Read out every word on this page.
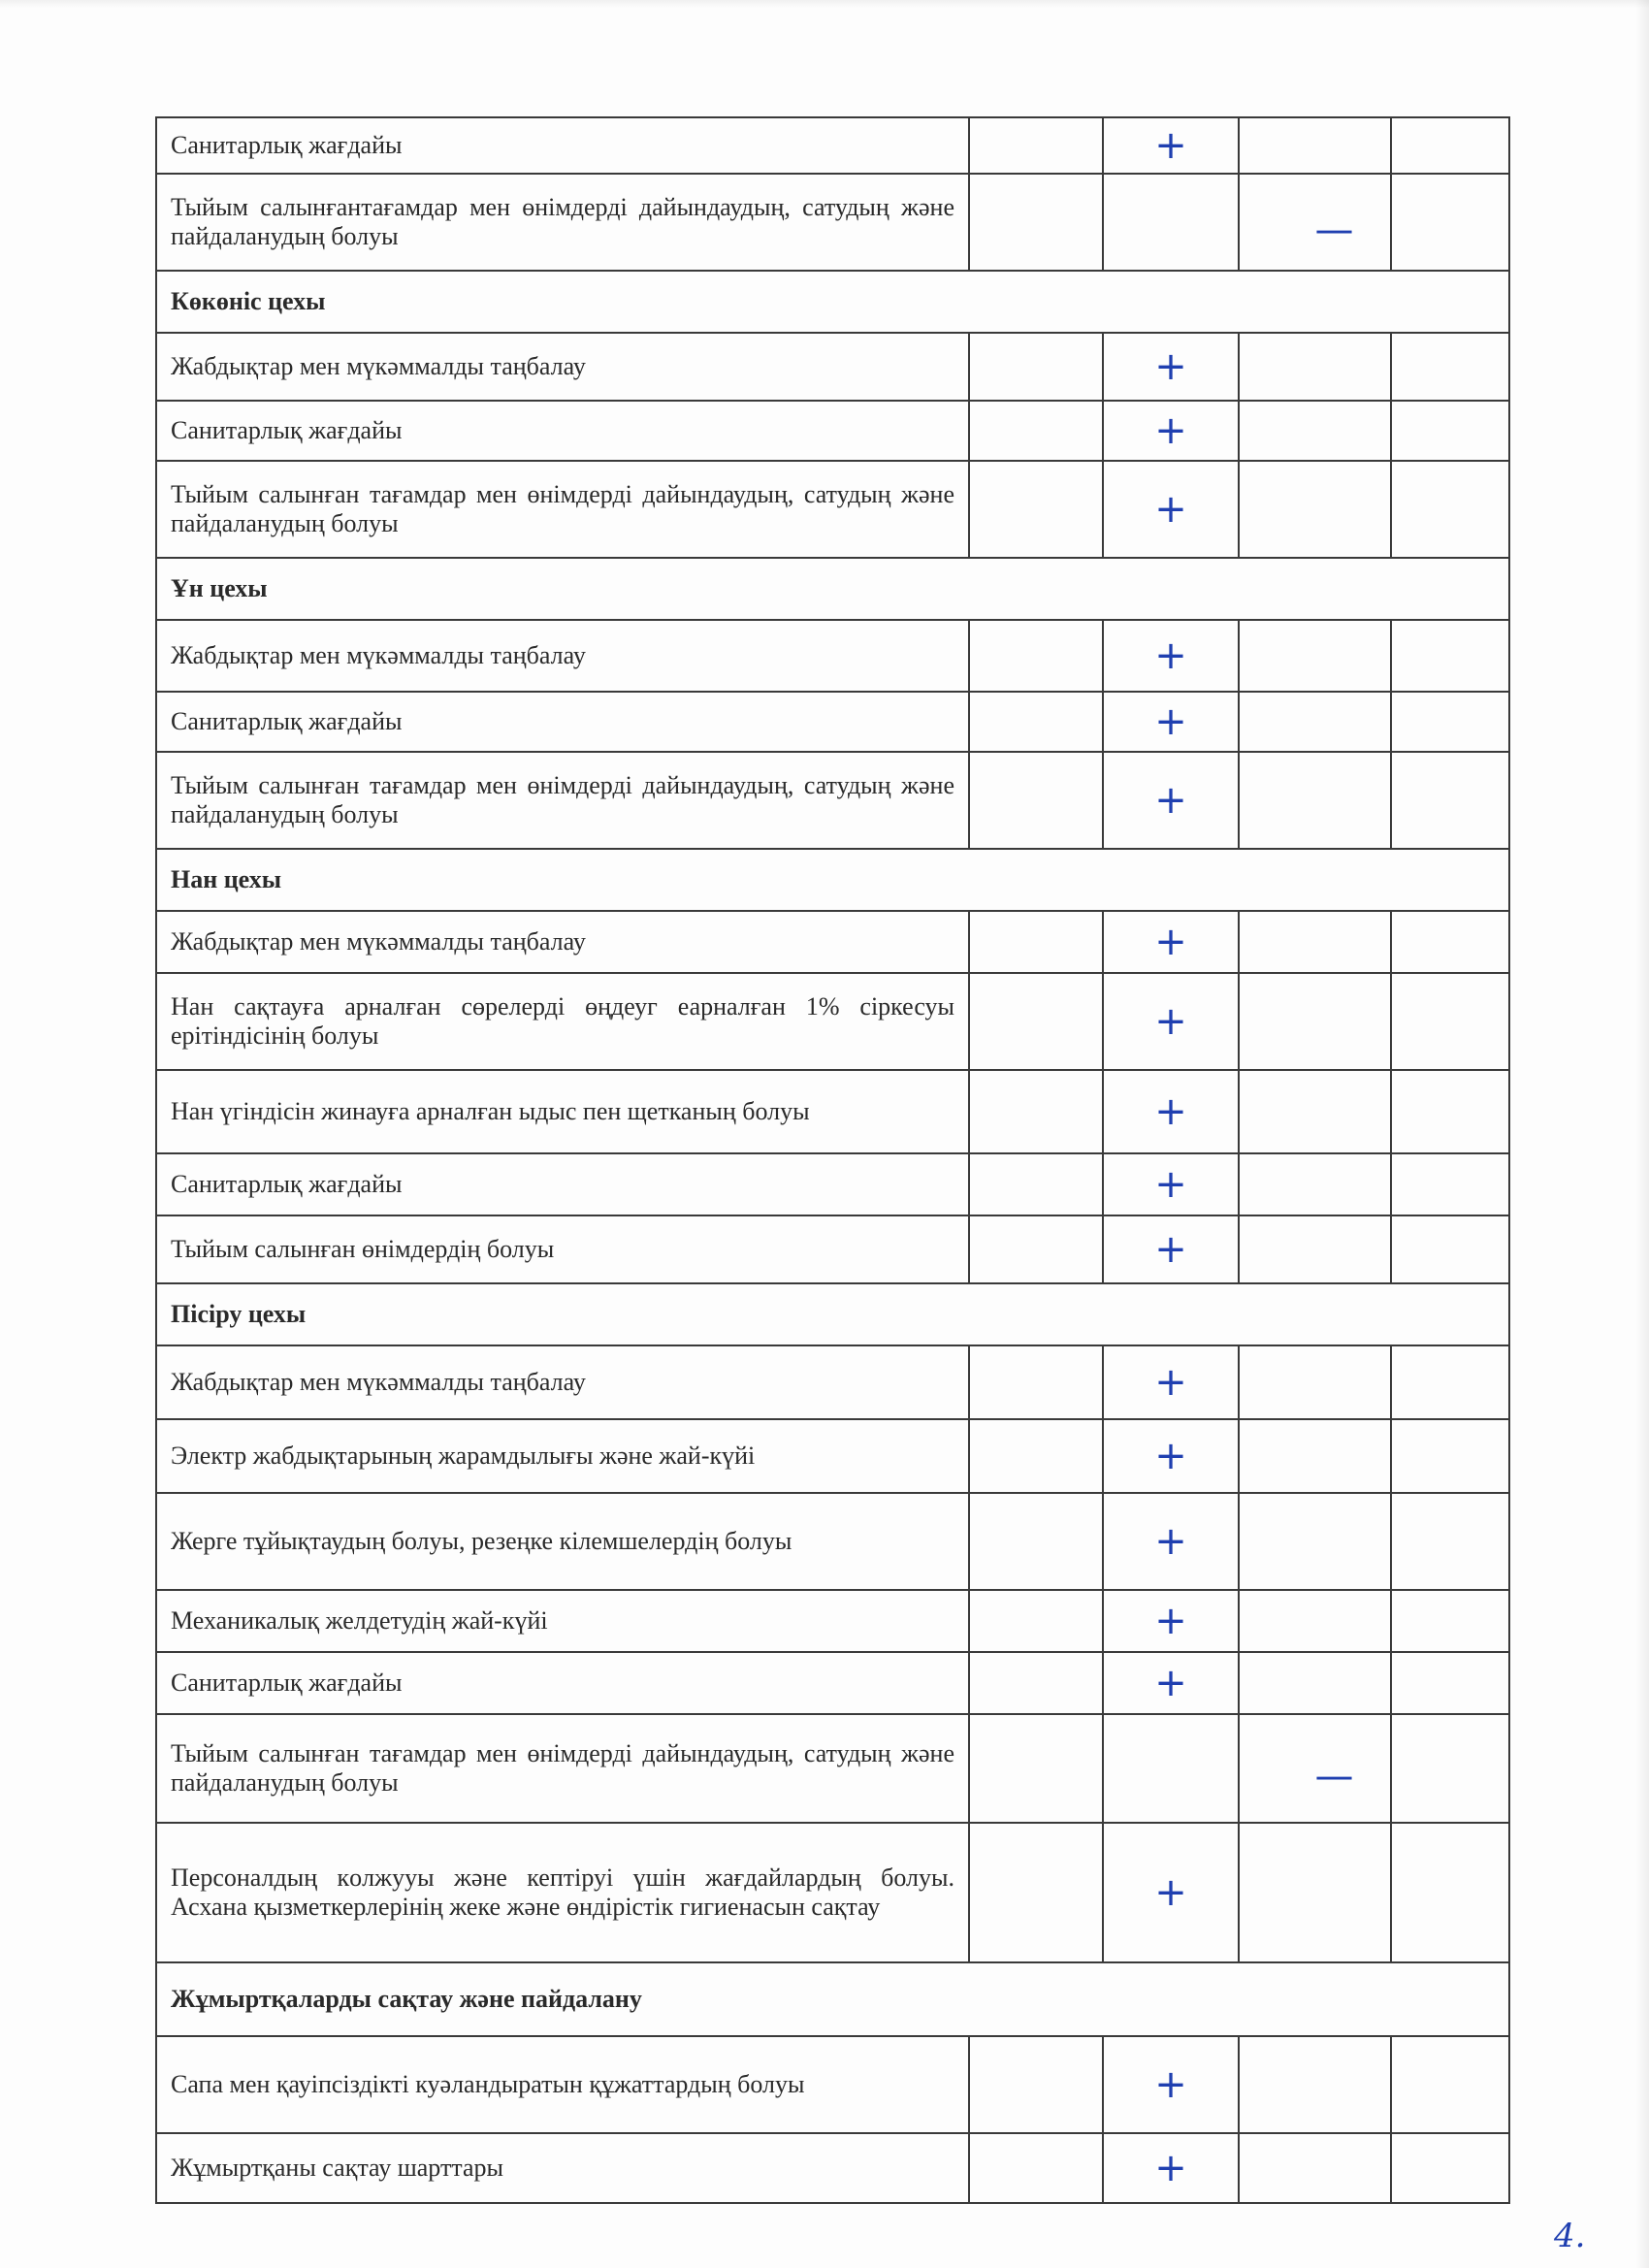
Санитарлық жағдайы		+		
Тыйым салынғантағамдар мен өнімдерді дайындаудың, сатудың және пайдаланудың болуы			—	
Көкөніс цехы				
Жабдықтар мен мүкәммалды таңбалау		+		
Санитарлық жағдайы		+		
Тыйым салынған тағамдар мен өнімдерді дайындаудың, сатудың және пайдаланудың болуы		+		
Ұн цехы				
Жабдықтар мен мүкәммалды таңбалау		+		
Санитарлық жағдайы		+		
Тыйым салынған тағамдар мен өнімдерді дайындаудың, сатудың және пайдаланудың болуы		+		
Нан цехы				
Жабдықтар мен мүкәммалды таңбалау		+		
Нан сақтауға арналған сөрелерді өңдеуг еарналған 1% сіркесуы ерітіндісінің болуы		+		
Нан үгіндісін жинауға арналған ыдыс пен щетканың болуы		+		
Санитарлық жағдайы		+		
Тыйым салынған өнімдердің болуы		+		
Пісіру цехы				
Жабдықтар мен мүкәммалды таңбалау		+		
Электр жабдықтарының жарамдылығы және жай-күйі		+		
Жерге тұйықтаудың болуы, резеңке кілемшелердің болуы		+		
Механикалық желдетудің жай-күйі		+		
Санитарлық жағдайы		+		
Тыйым салынған тағамдар мен өнімдерді дайындаудың, сатудың және пайдаланудың болуы			—	
Персоналдың кoлжууы және кептіруі үшін жағдайлардың болуы. Асхана қызметкерлерінің жеке және өндірістік гигиенасын сақтау		+		
Жұмыртқаларды сақтау және пайдалану				
Сапа мен қауіпсіздікті куәландыратын құжаттардың болуы		+		
Жұмыртқаны сақтау шарттары		+		
4.
